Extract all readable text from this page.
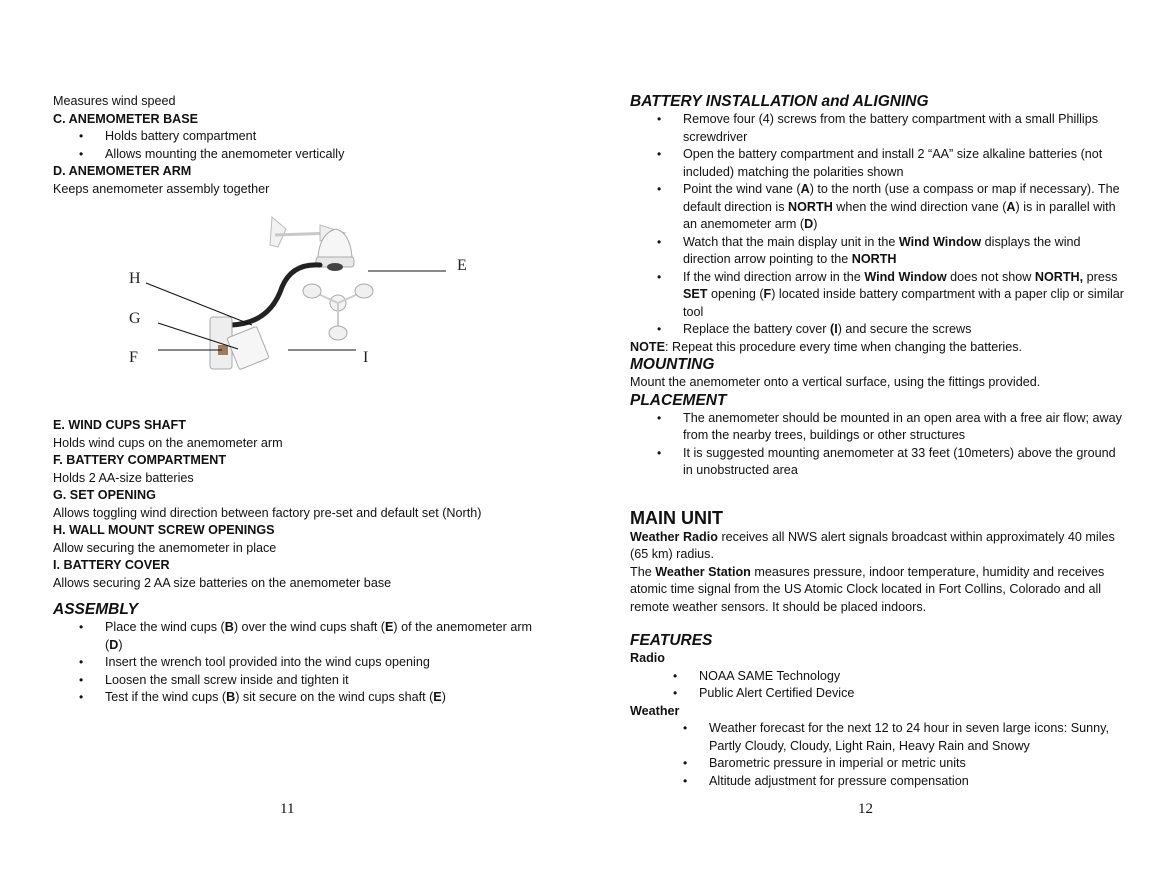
Measures wind speed
C. ANEMOMETER BASE
• Holds battery compartment
• Allows mounting the anemometer vertically
D. ANEMOMETER ARM
Keeps anemometer assembly together
E. WIND CUPS SHAFT
Holds wind cups on the anemometer arm
F. BATTERY COMPARTMENT
Holds 2 AA-size batteries
G. SET OPENING
Allows toggling wind direction between factory pre-set and default set (North)
H. WALL MOUNT SCREW OPENINGS
Allow securing the anemometer in place
I. BATTERY COVER
Allows securing 2 AA size batteries on the anemometer base
ASSEMBLY
• Place the wind cups (B) over the wind cups shaft (E) of the anemometer arm
(D)
• Insert the wrench tool provided into the wind cups opening
• Loosen the small screw inside and tighten it
• Test if the wind cups (B) sit secure on the wind cups shaft (E)
H
G
F
E
I
BATTERY INSTALLATION and ALIGNING
• Remove four (4) screws from the battery compartment with a small Phillips
screwdriver
• Open the battery compartment and install 2 “AA” size alkaline batteries (not
included) matching the polarities shown
• Point the wind vane (A) to the north (use a compass or map if necessary). The
default direction is NORTH when the wind direction vane (A) is in parallel with
an anemometer arm (D)
• Watch that the main display unit in the Wind Window displays the wind
direction arrow pointing to the NORTH
• If the wind direction arrow in the Wind Window does not show NORTH, press
SET opening (F) located inside battery compartment with a paper clip or similar
tool
• Replace the battery cover (I) and secure the screws
NOTE: Repeat this procedure every time when changing the batteries.
MOUNTING
Mount the anemometer onto a vertical surface, using the fittings provided.
PLACEMENT
• The anemometer should be mounted in an open area with a free air flow; away
from the nearby trees, buildings or other structures
• It is suggested mounting anemometer at 33 feet (10meters) above the ground
in unobstructed area
MAIN UNIT
Weather Radio receives all NWS alert signals broadcast within approximately 40 miles
(65 km) radius.
The Weather Station measures pressure, indoor temperature, humidity and receives
atomic time signal from the US Atomic Clock located in Fort Collins, Colorado and all
remote weather sensors. It should be placed indoors.
FEATURES
Radio
• NOAA SAME Technology
• Public Alert Certified Device
Weather
• Weather forecast for the next 12 to 24 hour in seven large icons: Sunny,
Partly Cloudy, Cloudy, Light Rain, Heavy Rain and Snowy
• Barometric pressure in imperial or metric units
• Altitude adjustment for pressure compensation
11	12
